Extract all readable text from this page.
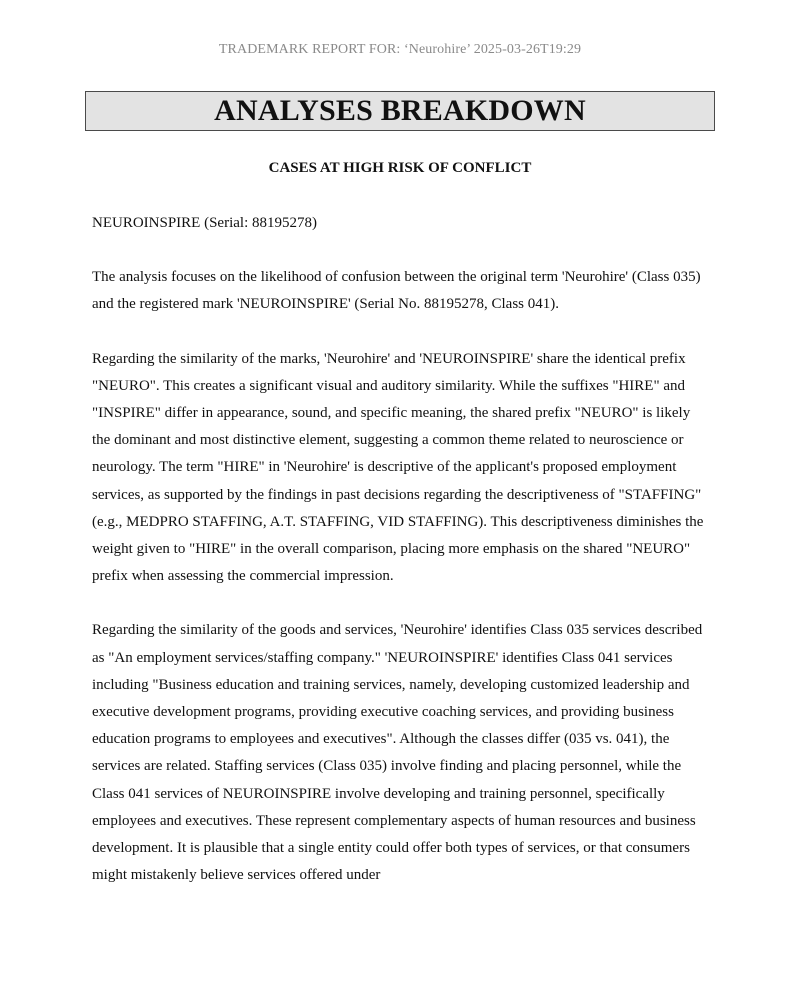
TRADEMARK REPORT FOR: ‘Neurohire’ 2025-03-26T19:29
ANALYSES BREAKDOWN
CASES AT HIGH RISK OF CONFLICT

NEUROINSPIRE (Serial: 88195278)

The analysis focuses on the likelihood of confusion between the original term 'Neurohire' (Class 035) and the registered mark 'NEUROINSPIRE' (Serial No. 88195278, Class 041).

Regarding the similarity of the marks, 'Neurohire' and 'NEUROINSPIRE' share the identical prefix "NEURO". This creates a significant visual and auditory similarity. While the suffixes "HIRE" and "INSPIRE" differ in appearance, sound, and specific meaning, the shared prefix "NEURO" is likely the dominant and most distinctive element, suggesting a common theme related to neuroscience or neurology. The term "HIRE" in 'Neurohire' is descriptive of the applicant's proposed employment services, as supported by the findings in past decisions regarding the descriptiveness of "STAFFING" (e.g., MEDPRO STAFFING, A.T. STAFFING, VID STAFFING). This descriptiveness diminishes the weight given to "HIRE" in the overall comparison, placing more emphasis on the shared "NEURO" prefix when assessing the commercial impression.

Regarding the similarity of the goods and services, 'Neurohire' identifies Class 035 services described as "An employment services/staffing company." 'NEUROINSPIRE' identifies Class 041 services including "Business education and training services, namely, developing customized leadership and executive development programs, providing executive coaching services, and providing business education programs to employees and executives". Although the classes differ (035 vs. 041), the services are related. Staffing services (Class 035) involve finding and placing personnel, while the Class 041 services of NEUROINSPIRE involve developing and training personnel, specifically employees and executives. These represent complementary aspects of human resources and business development. It is plausible that a single entity could offer both types of services, or that consumers might mistakenly believe services offered under
